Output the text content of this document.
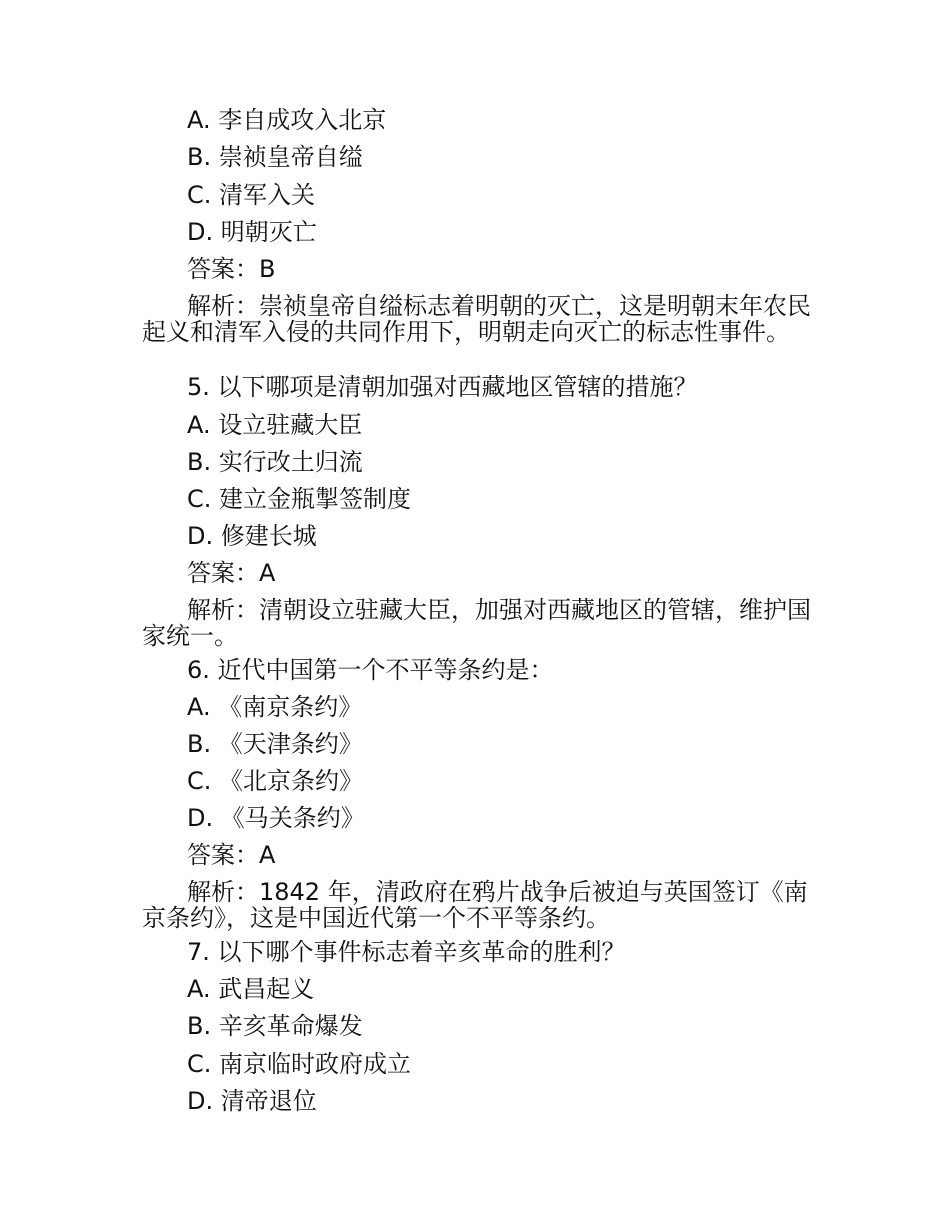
A. 李自成攻入北京
B. 崇祯皇帝自缢
C. 清军入关
D. 明朝灭亡
答案：B
解析：崇祯皇帝自缢标志着明朝的灭亡，这是明朝末年农民起义和清军入侵的共同作用下，明朝走向灭亡的标志性事件。
5. 以下哪项是清朝加强对西藏地区管辖的措施？
A. 设立驻藏大臣
B. 实行改土归流
C. 建立金瓶掣签制度
D. 修建长城
答案：A
解析：清朝设立驻藏大臣，加强对西藏地区的管辖，维护国家统一。
6. 近代中国第一个不平等条约是：
A. 《南京条约》
B. 《天津条约》
C. 《北京条约》
D. 《马关条约》
答案：A
解析：1842 年，清政府在鸦片战争后被迫与英国签订《南京条约》，这是中国近代第一个不平等条约。
7. 以下哪个事件标志着辛亥革命的胜利？
A. 武昌起义
B. 辛亥革命爆发
C. 南京临时政府成立
D. 清帝退位
